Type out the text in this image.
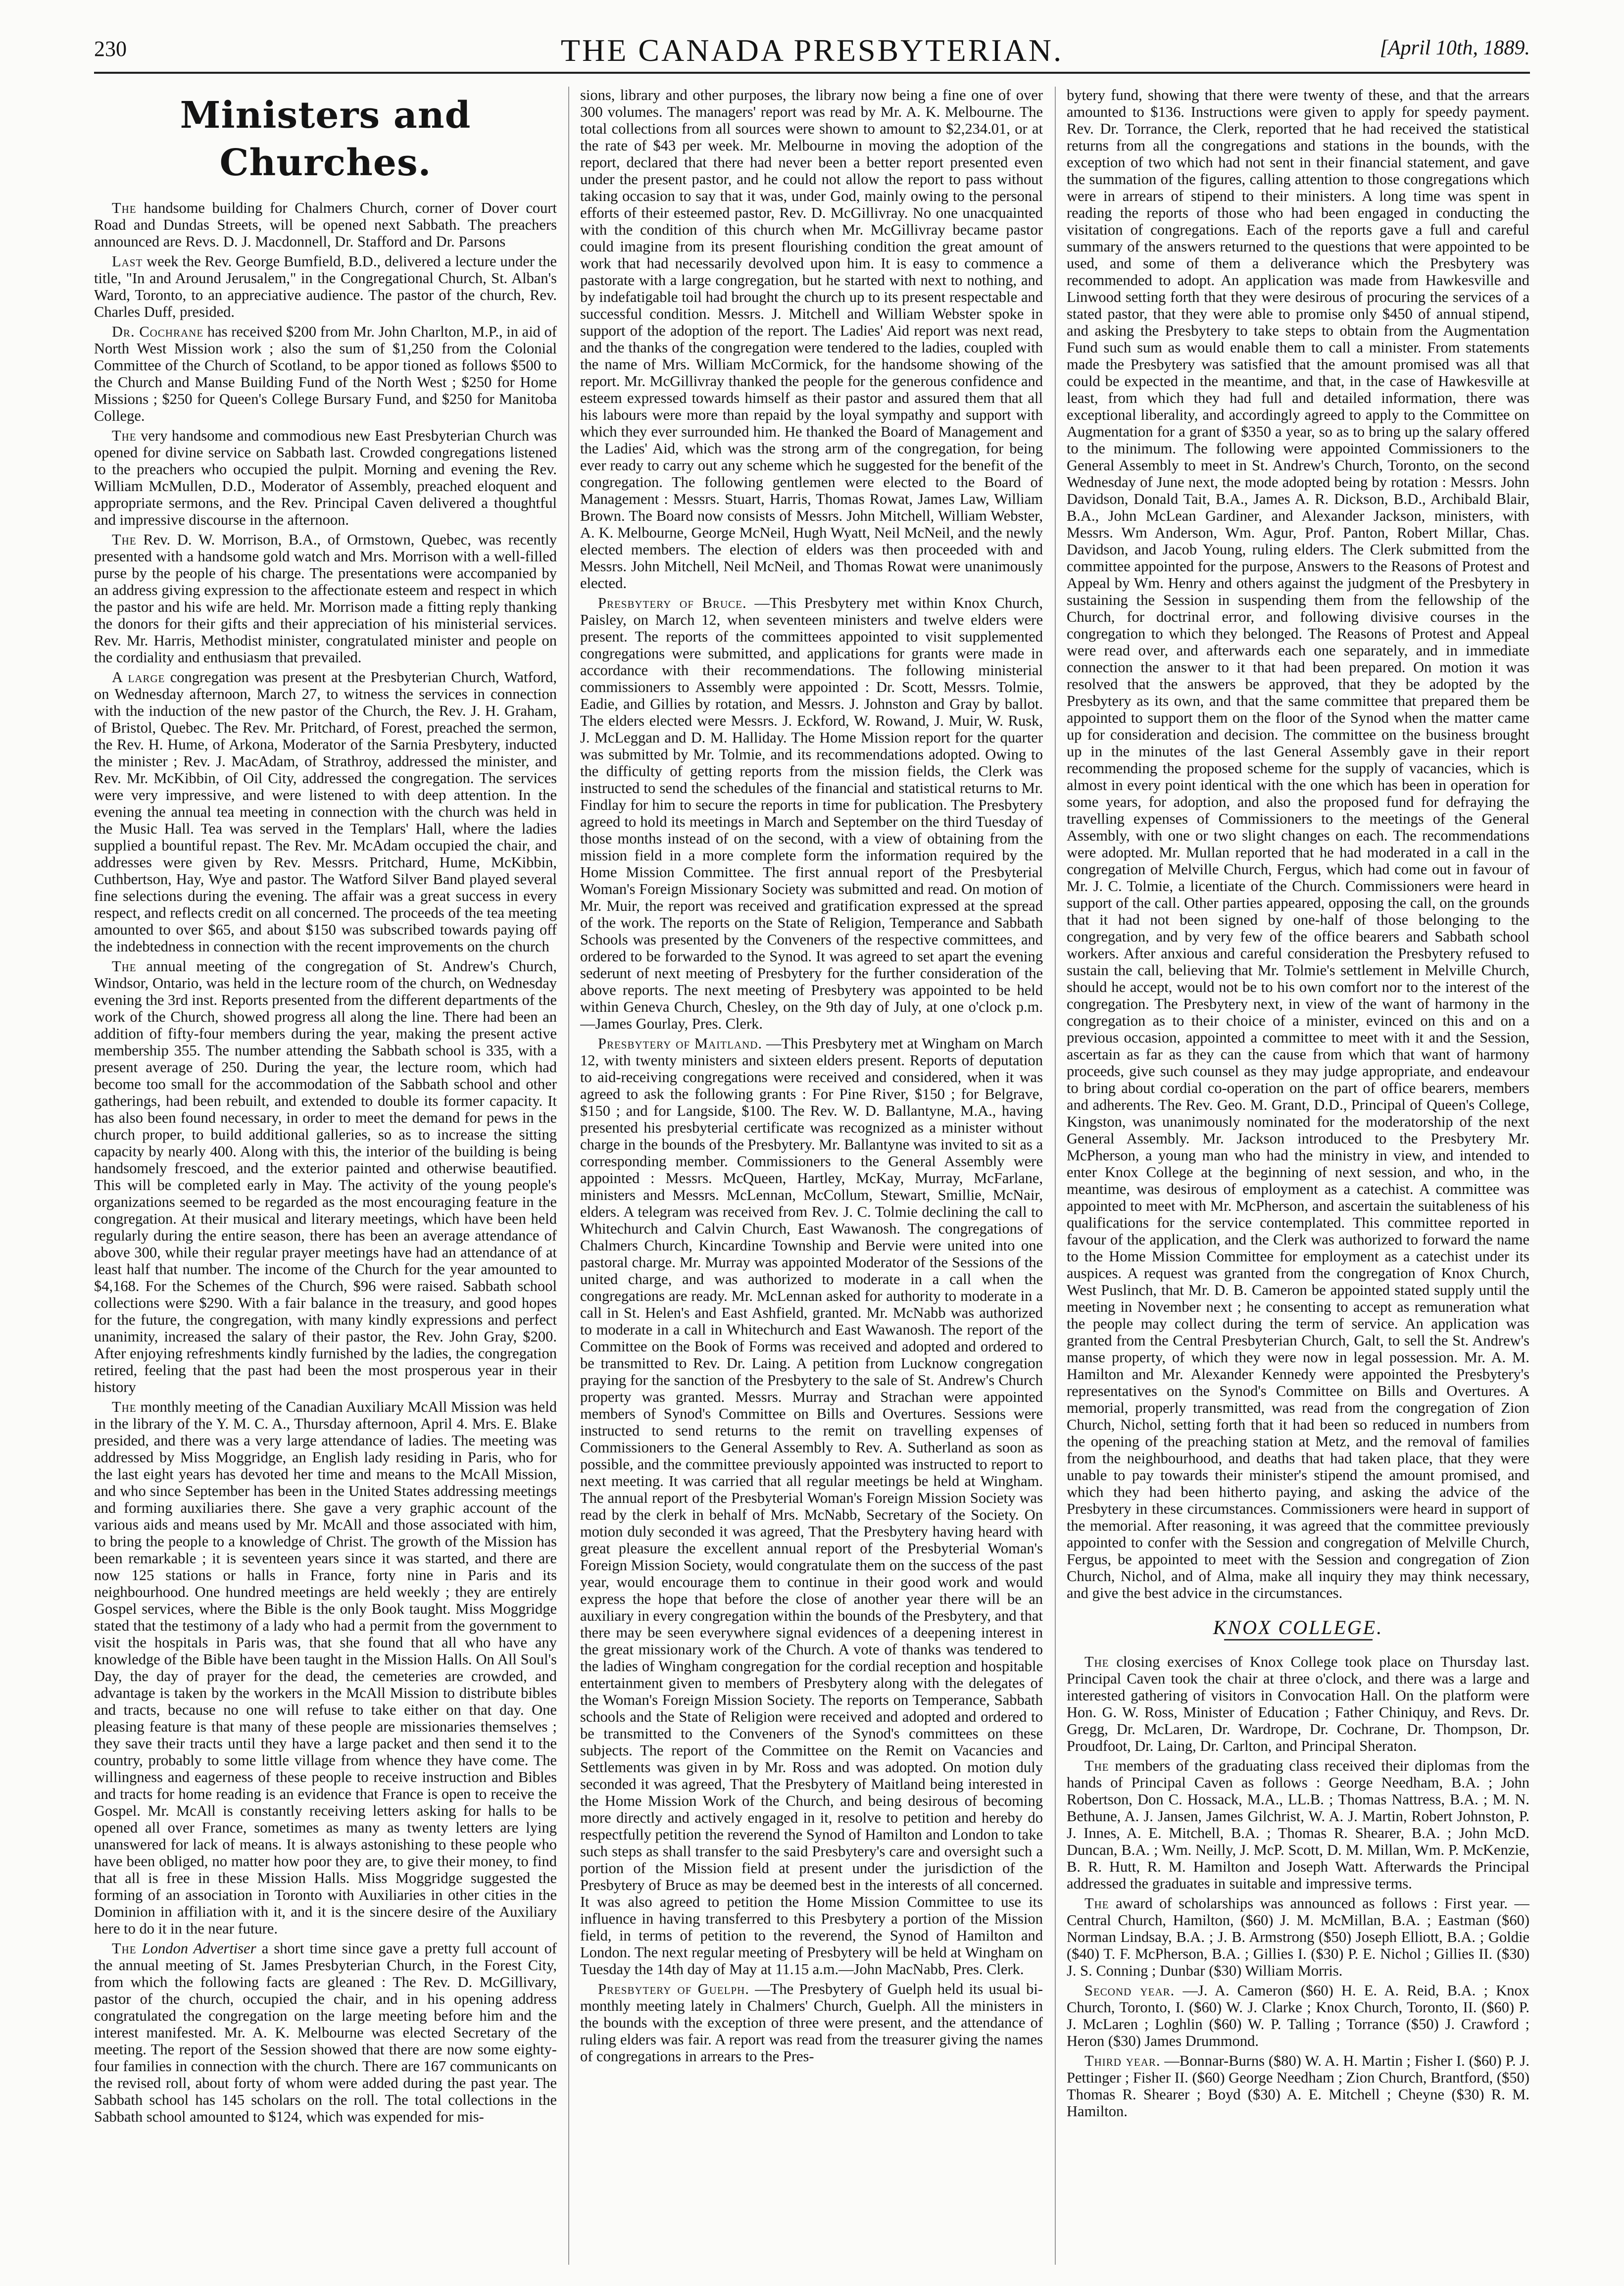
230	THE CANADA PRESBYTERIAN.	[April 10th, 1889.
Ministers and Churches.

The handsome building for Chalmers Church, corner of Dover court Road and Dundas Streets, will be opened next Sabbath. The preachers announced are Revs. D. J. Macdonnell, Dr. Stafford and Dr. Parsons

Last week the Rev. George Bumfield, B.D., delivered a lecture under the title, "In and Around Jerusalem," in the Congregational Church, St. Alban's Ward, Toronto, to an appreciative audience. The pastor of the church, Rev. Charles Duff, presided.

Dr. Cochrane has received $200 from Mr. John Charlton, M.P., in aid of North West Mission work ; also the sum of $1,250 from the Colonial Committee of the Church of Scotland, to be appor tioned as follows $500 to the Church and Manse Building Fund of the North West ; $250 for Home Missions ; $250 for Queen's College Bursary Fund, and $250 for Manitoba College.

The very handsome and commodious new East Presbyterian Church was opened for divine service on Sabbath last. Crowded congregations listened to the preachers who occupied the pulpit. Morning and evening the Rev. William McMullen, D.D., Moderator of Assembly, preached eloquent and appropriate sermons, and the Rev. Principal Caven delivered a thoughtful and impressive discourse in the afternoon.

The Rev. D. W. Morrison, B.A., of Ormstown, Quebec, was recently presented with a handsome gold watch and Mrs. Morrison with a well-filled purse by the people of his charge. The presentations were accompanied by an address giving expression to the affectionate esteem and respect in which the pastor and his wife are held. Mr. Morrison made a fitting reply thanking the donors for their gifts and their appreciation of his ministerial services. Rev. Mr. Harris, Methodist minister, congratulated minister and people on the cordiality and enthusiasm that prevailed.

A large congregation was present at the Presbyterian Church, Watford, on Wednesday afternoon, March 27, to witness the services in connection with the induction of the new pastor of the Church, the Rev. J. H. Graham, of Bristol, Quebec. The Rev. Mr. Pritchard, of Forest, preached the sermon, the Rev. H. Hume, of Arkona, Moderator of the Sarnia Presbytery, inducted the minister ; Rev. J. MacAdam, of Strathroy, addressed the minister, and Rev. Mr. McKibbin, of Oil City, addressed the congregation. The services were very impressive, and were listened to with deep attention. In the evening the annual tea meeting in connection with the church was held in the Music Hall. Tea was served in the Templars' Hall, where the ladies supplied a bountiful repast. The Rev. Mr. McAdam occupied the chair, and addresses were given by Rev. Messrs. Pritchard, Hume, McKibbin, Cuthbertson, Hay, Wye and pastor. The Watford Silver Band played several fine selections during the evening. The affair was a great success in every respect, and reflects credit on all concerned. The proceeds of the tea meeting amounted to over $65, and about $150 was subscribed towards paying off the indebtedness in connection with the recent improvements on the church

The annual meeting of the congregation of St. Andrew's Church, Windsor, Ontario, was held in the lecture room of the church, on Wednesday evening the 3rd inst. Reports presented from the different departments of the work of the Church, showed progress all along the line. There had been an addition of fifty-four members during the year, making the present active membership 355. The number attending the Sabbath school is 335, with a present average of 250. During the year, the lecture room, which had become too small for the accommodation of the Sabbath school and other gatherings, had been rebuilt, and extended to double its former capacity. It has also been found necessary, in order to meet the demand for pews in the church proper, to build additional galleries, so as to increase the sitting capacity by nearly 400. Along with this, the interior of the building is being handsomely frescoed, and the exterior painted and otherwise beautified. This will be completed early in May. The activity of the young people's organizations seemed to be regarded as the most encouraging feature in the congregation. At their musical and literary meetings, which have been held regularly during the entire season, there has been an average attendance of above 300, while their regular prayer meetings have had an attendance of at least half that number. The income of the Church for the year amounted to $4,168. For the Schemes of the Church, $96 were raised. Sabbath school collections were $290. With a fair balance in the treasury, and good hopes for the future, the congregation, with many kindly expressions and perfect unanimity, increased the salary of their pastor, the Rev. John Gray, $200. After enjoying refreshments kindly furnished by the ladies, the congregation retired, feeling that the past had been the most prosperous year in their history

The monthly meeting of the Canadian Auxiliary McAll Mission was held in the library of the Y. M. C. A., Thursday afternoon, April 4. Mrs. E. Blake presided, and there was a very large attendance of ladies. The meeting was addressed by Miss Moggridge, an English lady residing in Paris, who for the last eight years has devoted her time and means to the McAll Mission, and who since September has been in the United States addressing meetings and forming auxiliaries there. She gave a very graphic account of the various aids and means used by Mr. McAll and those associated with him, to bring the people to a knowledge of Christ. The growth of the Mission has been remarkable ; it is seventeen years since it was started, and there are now 125 stations or halls in France, forty nine in Paris and its neighbourhood. One hundred meetings are held weekly ; they are entirely Gospel services, where the Bible is the only Book taught. Miss Moggridge stated that the testimony of a lady who had a permit from the government to visit the hospitals in Paris was, that she found that all who have any knowledge of the Bible have been taught in the Mission Halls. On All Soul's Day, the day of prayer for the dead, the cemeteries are crowded, and advantage is taken by the workers in the McAll Mission to distribute bibles and tracts, because no one will refuse to take either on that day. One pleasing feature is that many of these people are missionaries themselves ; they save their tracts until they have a large packet and then send it to the country, probably to some little village from whence they have come. The willingness and eagerness of these people to receive instruction and Bibles and tracts for home reading is an evidence that France is open to receive the Gospel. Mr. McAll is constantly receiving letters asking for halls to be opened all over France, sometimes as many as twenty letters are lying unanswered for lack of means. It is always astonishing to these people who have been obliged, no matter how poor they are, to give their money, to find that all is free in these Mission Halls. Miss Moggridge suggested the forming of an association in Toronto with Auxiliaries in other cities in the Dominion in affiliation with it, and it is the sincere desire of the Auxiliary here to do it in the near future.

The London Advertiser a short time since gave a pretty full account of the annual meeting of St. James Presbyterian Church, in the Forest City, from which the following facts are gleaned : The Rev. D. McGillivary, pastor of the church, occupied the chair, and in his opening address congratulated the congregation on the large meeting before him and the interest manifested. Mr. A. K. Melbourne was elected Secretary of the meeting. The report of the Session showed that there are now some eighty-four families in connection with the church. There are 167 communicants on the revised roll, about forty of whom were added during the past year. The Sabbath school has 145 scholars on the roll. The total collections in the Sabbath school amounted to $124, which was expended for mis-

sions, library and other purposes, the library now being a fine one of over 300 volumes. The managers' report was read by Mr. A. K. Melbourne. The total collections from all sources were shown to amount to $2,234.01, or at the rate of $43 per week. Mr. Melbourne in moving the adoption of the report, declared that there had never been a better report presented even under the present pastor, and he could not allow the report to pass without taking occasion to say that it was, under God, mainly owing to the personal efforts of their esteemed pastor, Rev. D. McGillivray. No one unacquainted with the condition of this church when Mr. McGillivray became pastor could imagine from its present flourishing condition the great amount of work that had necessarily devolved upon him. It is easy to commence a pastorate with a large congregation, but he started with next to nothing, and by indefatigable toil had brought the church up to its present respectable and successful condition. Messrs. J. Mitchell and William Webster spoke in support of the adoption of the report. The Ladies' Aid report was next read, and the thanks of the congregation were tendered to the ladies, coupled with the name of Mrs. William McCormick, for the handsome showing of the report. Mr. McGillivray thanked the people for the generous confidence and esteem expressed towards himself as their pastor and assured them that all his labours were more than repaid by the loyal sympathy and support with which they ever surrounded him. He thanked the Board of Management and the Ladies' Aid, which was the strong arm of the congregation, for being ever ready to carry out any scheme which he suggested for the benefit of the congregation. The following gentlemen were elected to the Board of Management : Messrs. Stuart, Harris, Thomas Rowat, James Law, William Brown. The Board now consists of Messrs. John Mitchell, William Webster, A. K. Melbourne, George McNeil, Hugh Wyatt, Neil McNeil, and the newly elected members. The election of elders was then proceeded with and Messrs. John Mitchell, Neil McNeil, and Thomas Rowat were unanimously elected.

Presbytery of Bruce. —This Presbytery met within Knox Church, Paisley, on March 12, when seventeen ministers and twelve elders were present. The reports of the committees appointed to visit supplemented congregations were submitted, and applications for grants were made in accordance with their recommendations. The following ministerial commissioners to Assembly were appointed : Dr. Scott, Messrs. Tolmie, Eadie, and Gillies by rotation, and Messrs. J. Johnston and Gray by ballot. The elders elected were Messrs. J. Eckford, W. Rowand, J. Muir, W. Rusk, J. McLeggan and D. M. Halliday. The Home Mission report for the quarter was submitted by Mr. Tolmie, and its recommendations adopted. Owing to the difficulty of getting reports from the mission fields, the Clerk was instructed to send the schedules of the financial and statistical returns to Mr. Findlay for him to secure the reports in time for publication. The Presbytery agreed to hold its meetings in March and September on the third Tuesday of those months instead of on the second, with a view of obtaining from the mission field in a more complete form the information required by the Home Mission Committee. The first annual report of the Presbyterial Woman's Foreign Missionary Society was submitted and read. On motion of Mr. Muir, the report was received and gratification expressed at the spread of the work. The reports on the State of Religion, Temperance and Sabbath Schools was presented by the Conveners of the respective committees, and ordered to be forwarded to the Synod. It was agreed to set apart the evening sederunt of next meeting of Presbytery for the further consideration of the above reports. The next meeting of Presbytery was appointed to be held within Geneva Church, Chesley, on the 9th day of July, at one o'clock p.m. —James Gourlay, Pres. Clerk.

Presbytery of Maitland. —This Presbytery met at Wingham on March 12, with twenty ministers and sixteen elders present. Reports of deputation to aid-receiving congregations were received and considered, when it was agreed to ask the following grants : For Pine River, $150 ; for Belgrave, $150 ; and for Langside, $100. The Rev. W. D. Ballantyne, M.A., having presented his presbyterial certificate was recognized as a minister without charge in the bounds of the Presbytery. Mr. Ballantyne was invited to sit as a corresponding member. Commissioners to the General Assembly were appointed : Messrs. McQueen, Hartley, McKay, Murray, McFarlane, ministers and Messrs. McLennan, McCollum, Stewart, Smillie, McNair, elders. A telegram was received from Rev. J. C. Tolmie declining the call to Whitechurch and Calvin Church, East Wawanosh. The congregations of Chalmers Church, Kincardine Township and Bervie were united into one pastoral charge. Mr. Murray was appointed Moderator of the Sessions of the united charge, and was authorized to moderate in a call when the congregations are ready. Mr. McLennan asked for authority to moderate in a call in St. Helen's and East Ashfield, granted. Mr. McNabb was authorized to moderate in a call in Whitechurch and East Wawanosh. The report of the Committee on the Book of Forms was received and adopted and ordered to be transmitted to Rev. Dr. Laing. A petition from Lucknow congregation praying for the sanction of the Presbytery to the sale of St. Andrew's Church property was granted. Messrs. Murray and Strachan were appointed members of Synod's Committee on Bills and Overtures. Sessions were instructed to send returns to the remit on travelling expenses of Commissioners to the General Assembly to Rev. A. Sutherland as soon as possible, and the committee previously appointed was instructed to report to next meeting. It was carried that all regular meetings be held at Wingham. The annual report of the Presbyterial Woman's Foreign Mission Society was read by the clerk in behalf of Mrs. McNabb, Secretary of the Society. On motion duly seconded it was agreed, That the Presbytery having heard with great pleasure the excellent annual report of the Presbyterial Woman's Foreign Mission Society, would congratulate them on the success of the past year, would encourage them to continue in their good work and would express the hope that before the close of another year there will be an auxiliary in every congregation within the bounds of the Presbytery, and that there may be seen everywhere signal evidences of a deepening interest in the great missionary work of the Church. A vote of thanks was tendered to the ladies of Wingham congregation for the cordial reception and hospitable entertainment given to members of Presbytery along with the delegates of the Woman's Foreign Mission Society. The reports on Temperance, Sabbath schools and the State of Religion were received and adopted and ordered to be transmitted to the Conveners of the Synod's committees on these subjects. The report of the Committee on the Remit on Vacancies and Settlements was given in by Mr. Ross and was adopted. On motion duly seconded it was agreed, That the Presbytery of Maitland being interested in the Home Mission Work of the Church, and being desirous of becoming more directly and actively engaged in it, resolve to petition and hereby do respectfully petition the reverend the Synod of Hamilton and London to take such steps as shall transfer to the said Presbytery's care and oversight such a portion of the Mission field at present under the jurisdiction of the Presbytery of Bruce as may be deemed best in the interests of all concerned. It was also agreed to petition the Home Mission Committee to use its influence in having transferred to this Presbytery a portion of the Mission field, in terms of petition to the reverend, the Synod of Hamilton and London. The next regular meeting of Presbytery will be held at Wingham on Tuesday the 14th day of May at 11.15 a.m.—John MacNabb, Pres. Clerk.

Presbytery of Guelph. —The Presbytery of Guelph held its usual bi-monthly meeting lately in Chalmers' Church, Guelph. All the ministers in the bounds with the exception of three were present, and the attendance of ruling elders was fair. A report was read from the treasurer giving the names of congregations in arrears to the Pres-

bytery fund, showing that there were twenty of these, and that the arrears amounted to $136. Instructions were given to apply for speedy payment. Rev. Dr. Torrance, the Clerk, reported that he had received the statistical returns from all the congregations and stations in the bounds, with the exception of two which had not sent in their financial statement, and gave the summation of the figures, calling attention to those congregations which were in arrears of stipend to their ministers. A long time was spent in reading the reports of those who had been engaged in conducting the visitation of congregations. Each of the reports gave a full and careful summary of the answers returned to the questions that were appointed to be used, and some of them a deliverance which the Presbytery was recommended to adopt. An application was made from Hawkesville and Linwood setting forth that they were desirous of procuring the services of a stated pastor, that they were able to promise only $450 of annual stipend, and asking the Presbytery to take steps to obtain from the Augmentation Fund such sum as would enable them to call a minister. From statements made the Presbytery was satisfied that the amount promised was all that could be expected in the meantime, and that, in the case of Hawkesville at least, from which they had full and detailed information, there was exceptional liberality, and accordingly agreed to apply to the Committee on Augmentation for a grant of $350 a year, so as to bring up the salary offered to the minimum. The following were appointed Commissioners to the General Assembly to meet in St. Andrew's Church, Toronto, on the second Wednesday of June next, the mode adopted being by rotation : Messrs. John Davidson, Donald Tait, B.A., James A. R. Dickson, B.D., Archibald Blair, B.A., John McLean Gardiner, and Alexander Jackson, ministers, with Messrs. Wm Anderson, Wm. Agur, Prof. Panton, Robert Millar, Chas. Davidson, and Jacob Young, ruling elders. The Clerk submitted from the committee appointed for the purpose, Answers to the Reasons of Protest and Appeal by Wm. Henry and others against the judgment of the Presbytery in sustaining the Session in suspending them from the fellowship of the Church, for doctrinal error, and following divisive courses in the congregation to which they belonged. The Reasons of Protest and Appeal were read over, and afterwards each one separately, and in immediate connection the answer to it that had been prepared. On motion it was resolved that the answers be approved, that they be adopted by the Presbytery as its own, and that the same committee that prepared them be appointed to support them on the floor of the Synod when the matter came up for consideration and decision. The committee on the business brought up in the minutes of the last General Assembly gave in their report recommending the proposed scheme for the supply of vacancies, which is almost in every point identical with the one which has been in operation for some years, for adoption, and also the proposed fund for defraying the travelling expenses of Commissioners to the meetings of the General Assembly, with one or two slight changes on each. The recommendations were adopted. Mr. Mullan reported that he had moderated in a call in the congregation of Melville Church, Fergus, which had come out in favour of Mr. J. C. Tolmie, a licentiate of the Church. Commissioners were heard in support of the call. Other parties appeared, opposing the call, on the grounds that it had not been signed by one-half of those belonging to the congregation, and by very few of the office bearers and Sabbath school workers. After anxious and careful consideration the Presbytery refused to sustain the call, believing that Mr. Tolmie's settlement in Melville Church, should he accept, would not be to his own comfort nor to the interest of the congregation. The Presbytery next, in view of the want of harmony in the congregation as to their choice of a minister, evinced on this and on a previous occasion, appointed a committee to meet with it and the Session, ascertain as far as they can the cause from which that want of harmony proceeds, give such counsel as they may judge appropriate, and endeavour to bring about cordial co-operation on the part of office bearers, members and adherents. The Rev. Geo. M. Grant, D.D., Principal of Queen's College, Kingston, was unanimously nominated for the moderatorship of the next General Assembly. Mr. Jackson introduced to the Presbytery Mr. McPherson, a young man who had the ministry in view, and intended to enter Knox College at the beginning of next session, and who, in the meantime, was desirous of employment as a catechist. A committee was appointed to meet with Mr. McPherson, and ascertain the suitableness of his qualifications for the service contemplated. This committee reported in favour of the application, and the Clerk was authorized to forward the name to the Home Mission Committee for employment as a catechist under its auspices. A request was granted from the congregation of Knox Church, West Puslinch, that Mr. D. B. Cameron be appointed stated supply until the meeting in November next ; he consenting to accept as remuneration what the people may collect during the term of service. An application was granted from the Central Presbyterian Church, Galt, to sell the St. Andrew's manse property, of which they were now in legal possession. Mr. A. M. Hamilton and Mr. Alexander Kennedy were appointed the Presbytery's representatives on the Synod's Committee on Bills and Overtures. A memorial, properly transmitted, was read from the congregation of Zion Church, Nichol, setting forth that it had been so reduced in numbers from the opening of the preaching station at Metz, and the removal of families from the neighbourhood, and deaths that had taken place, that they were unable to pay towards their minister's stipend the amount promised, and which they had been hitherto paying, and asking the advice of the Presbytery in these circumstances. Commissioners were heard in support of the memorial. After reasoning, it was agreed that the committee previously appointed to confer with the Session and congregation of Melville Church, Fergus, be appointed to meet with the Session and congregation of Zion Church, Nichol, and of Alma, make all inquiry they may think necessary, and give the best advice in the circumstances.

KNOX COLLEGE.

The closing exercises of Knox College took place on Thursday last. Principal Caven took the chair at three o'clock, and there was a large and interested gathering of visitors in Convocation Hall. On the platform were Hon. G. W. Ross, Minister of Education ; Father Chiniquy, and Revs. Dr. Gregg, Dr. McLaren, Dr. Wardrope, Dr. Cochrane, Dr. Thompson, Dr. Proudfoot, Dr. Laing, Dr. Carlton, and Principal Sheraton.

The members of the graduating class received their diplomas from the hands of Principal Caven as follows : George Needham, B.A. ; John Robertson, Don C. Hossack, M.A., LL.B. ; Thomas Nattress, B.A. ; M. N. Bethune, A. J. Jansen, James Gilchrist, W. A. J. Martin, Robert Johnston, P. J. Innes, A. E. Mitchell, B.A. ; Thomas R. Shearer, B.A. ; John McD. Duncan, B.A. ; Wm. Neilly, J. McP. Scott, D. M. Millan, Wm. P. McKenzie, B. R. Hutt, R. M. Hamilton and Joseph Watt. Afterwards the Principal addressed the graduates in suitable and impressive terms.

The award of scholarships was announced as follows : First year. —Central Church, Hamilton, ($60) J. M. McMillan, B.A. ; Eastman ($60) Norman Lindsay, B.A. ; J. B. Armstrong ($50) Joseph Elliott, B.A. ; Goldie ($40) T. F. McPherson, B.A. ; Gillies I. ($30) P. E. Nichol ; Gillies II. ($30) J. S. Conning ; Dunbar ($30) William Morris.

Second year. —J. A. Cameron ($60) H. E. A. Reid, B.A. ; Knox Church, Toronto, I. ($60) W. J. Clarke ; Knox Church, Toronto, II. ($60) P. J. McLaren ; Loghlin ($60) W. P. Talling ; Torrance ($50) J. Crawford ; Heron ($30) James Drummond.

Third year. —Bonnar-Burns ($80) W. A. H. Martin ; Fisher I. ($60) P. J. Pettinger ; Fisher II. ($60) George Needham ; Zion Church, Brantford, ($50) Thomas R. Shearer ; Boyd ($30) A. E. Mitchell ; Cheyne ($30) R. M. Hamilton.
